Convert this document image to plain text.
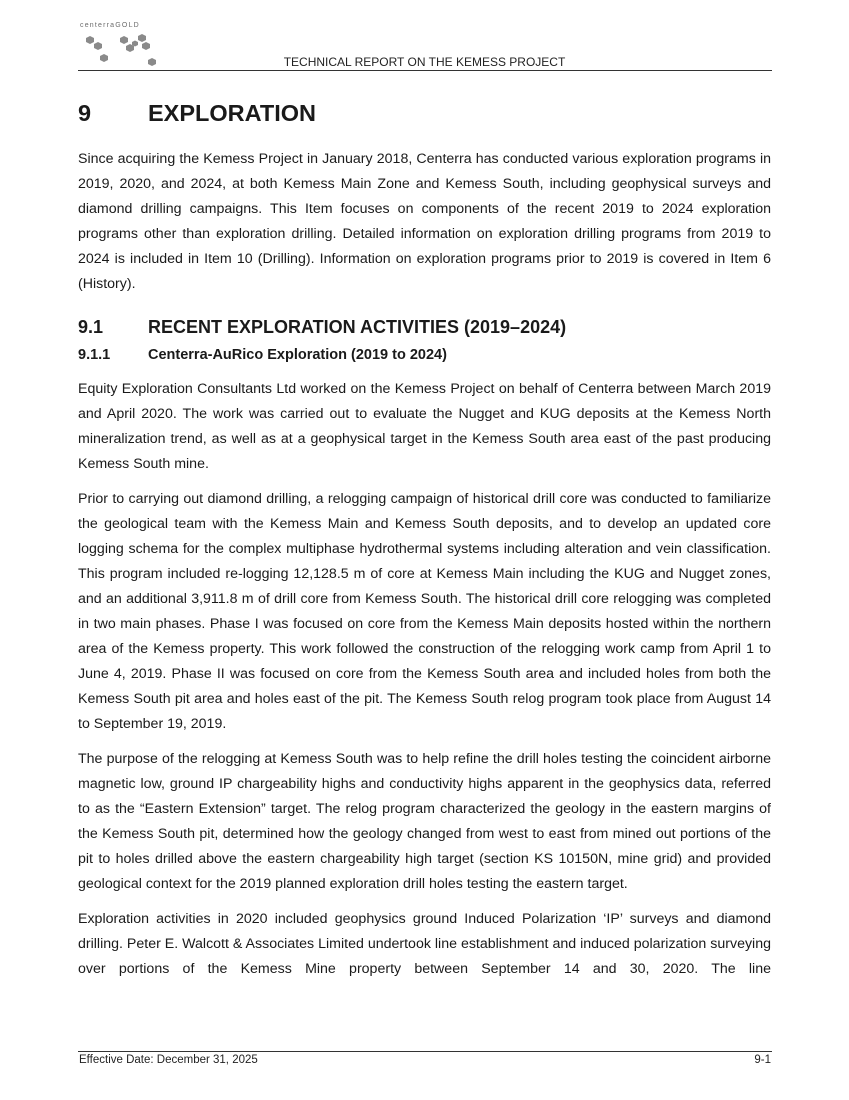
centerraGOLD
TECHNICAL REPORT ON THE KEMESS PROJECT
9 EXPLORATION

Since acquiring the Kemess Project in January 2018, Centerra has conducted various exploration programs in 2019, 2020, and 2024, at both Kemess Main Zone and Kemess South, including geophysical surveys and diamond drilling campaigns. This Item focuses on components of the recent 2019 to 2024 exploration programs other than exploration drilling. Detailed information on exploration drilling programs from 2019 to 2024 is included in Item 10 (Drilling). Information on exploration programs prior to 2019 is covered in Item 6 (History).

9.1 RECENT EXPLORATION ACTIVITIES (2019–2024)
9.1.1	Centerra-AuRico Exploration (2019 to 2024)

Equity Exploration Consultants Ltd worked on the Kemess Project on behalf of Centerra between March 2019 and April 2020. The work was carried out to evaluate the Nugget and KUG deposits at the Kemess North mineralization trend, as well as at a geophysical target in the Kemess South area east of the past producing Kemess South mine.

Prior to carrying out diamond drilling, a relogging campaign of historical drill core was conducted to familiarize the geological team with the Kemess Main and Kemess South deposits, and to develop an updated core logging schema for the complex multiphase hydrothermal systems including alteration and vein classification. This program included re-logging 12,128.5 m of core at Kemess Main including the KUG and Nugget zones, and an additional 3,911.8 m of drill core from Kemess South. The historical drill core relogging was completed in two main phases. Phase I was focused on core from the Kemess Main deposits hosted within the northern area of the Kemess property. This work followed the construction of the relogging work camp from April 1 to June 4, 2019. Phase II was focused on core from the Kemess South area and included holes from both the Kemess South pit area and holes east of the pit. The Kemess South relog program took place from August 14 to September 19, 2019.

The purpose of the relogging at Kemess South was to help refine the drill holes testing the coincident airborne magnetic low, ground IP chargeability highs and conductivity highs apparent in the geophysics data, referred to as the “Eastern Extension” target. The relog program characterized the geology in the eastern margins of the Kemess South pit, determined how the geology changed from west to east from mined out portions of the pit to holes drilled above the eastern chargeability high target (section KS 10150N, mine grid) and provided geological context for the 2019 planned exploration drill holes testing the eastern target.

Exploration activities in 2020 included geophysics ground Induced Polarization ‘IP’ surveys and diamond drilling. Peter E. Walcott & Associates Limited undertook line establishment and induced polarization surveying over portions of the Kemess Mine property between September 14 and 30, 2020. The line

Effective Date: December 31, 2025	9-1
